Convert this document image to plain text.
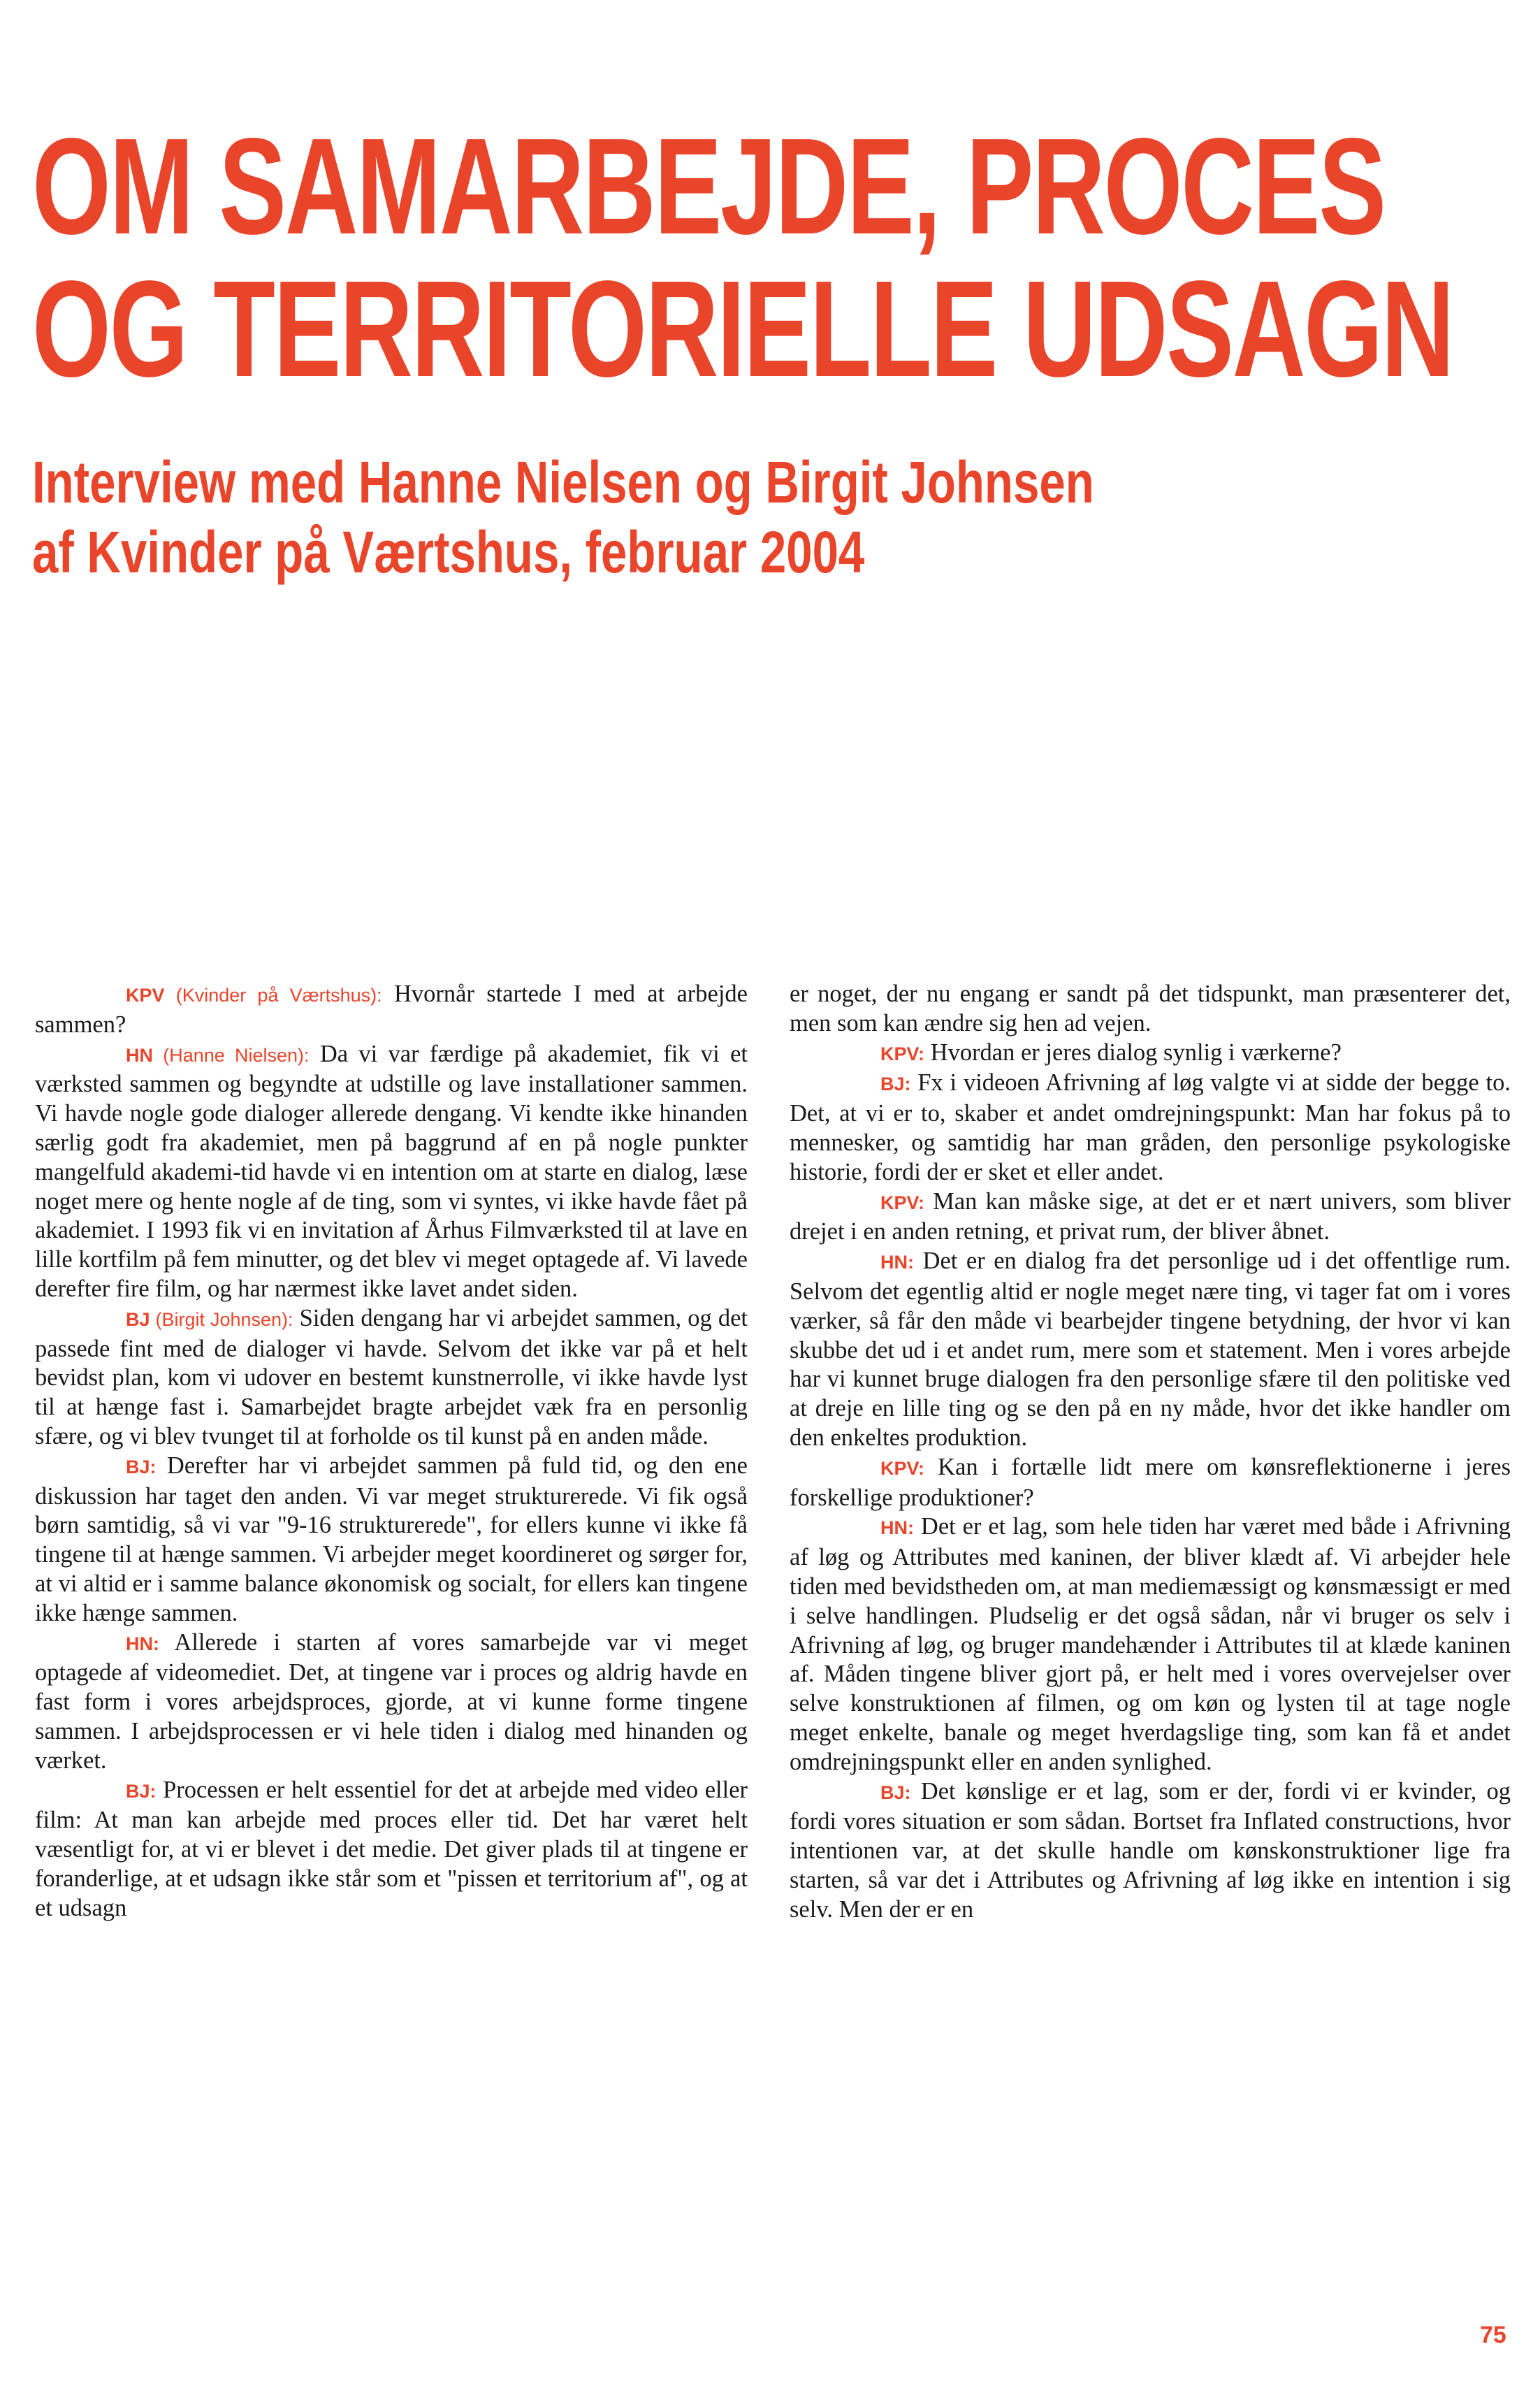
OM SAMARBEJDE, PROCES
OG TERRITORIELLE UDSAGN
Interview med Hanne Nielsen og Birgit Johnsen
af Kvinder på Værtshus, februar 2004

KPV (Kvinder på Værtshus): Hvornår startede I med at arbejde sammen?

HN (Hanne Nielsen): Da vi var færdige på akademiet, fik vi et værksted sammen og begyndte at udstille og lave installationer sammen. Vi havde nogle gode dialoger allerede dengang. Vi kendte ikke hinanden særlig godt fra akademiet, men på baggrund af en på nogle punkter mangelfuld akademi-tid havde vi en intention om at starte en dialog, læse noget mere og hente nogle af de ting, som vi syntes, vi ikke havde fået på akademiet. I 1993 fik vi en invitation af Århus Filmværksted til at lave en lille kortfilm på fem minutter, og det blev vi meget optagede af. Vi lavede derefter fire film, og har nærmest ikke lavet andet siden.

BJ (Birgit Johnsen): Siden dengang har vi arbejdet sammen, og det passede fint med de dialoger vi havde. Selvom det ikke var på et helt bevidst plan, kom vi udover en bestemt kunstnerrolle, vi ikke havde lyst til at hænge fast i. Samarbejdet bragte arbejdet væk fra en personlig sfære, og vi blev tvunget til at forholde os til kunst på en anden måde.

BJ: Derefter har vi arbejdet sammen på fuld tid, og den ene diskussion har taget den anden. Vi var meget strukturerede. Vi fik også børn samtidig, så vi var "9-16 strukturerede", for ellers kunne vi ikke få tingene til at hænge sammen. Vi arbejder meget koordineret og sørger for, at vi altid er i samme balance økonomisk og socialt, for ellers kan tingene ikke hænge sammen.

HN: Allerede i starten af vores samarbejde var vi meget optagede af videomediet. Det, at tingene var i proces og aldrig havde en fast form i vores arbejdsproces, gjorde, at vi kunne forme tingene sammen. I arbejdsprocessen er vi hele tiden i dialog med hinanden og værket.

BJ: Processen er helt essentiel for det at arbejde med video eller film: At man kan arbejde med proces eller tid. Det har været helt væsentligt for, at vi er blevet i det medie. Det giver plads til at tingene er foranderlige, at et udsagn ikke står som et "pissen et territorium af", og at et udsagn

er noget, der nu engang er sandt på det tidspunkt, man præsenterer det, men som kan ændre sig hen ad vejen.

KPV: Hvordan er jeres dialog synlig i værkerne?

BJ: Fx i videoen Afrivning af løg valgte vi at sidde der begge to. Det, at vi er to, skaber et andet omdrejningspunkt: Man har fokus på to mennesker, og samtidig har man gråden, den personlige psykologiske historie, fordi der er sket et eller andet.

KPV: Man kan måske sige, at det er et nært univers, som bliver drejet i en anden retning, et privat rum, der bliver åbnet.

HN: Det er en dialog fra det personlige ud i det offentlige rum. Selvom det egentlig altid er nogle meget nære ting, vi tager fat om i vores værker, så får den måde vi bearbejder tingene betydning, der hvor vi kan skubbe det ud i et andet rum, mere som et statement. Men i vores arbejde har vi kunnet bruge dialogen fra den personlige sfære til den politiske ved at dreje en lille ting og se den på en ny måde, hvor det ikke handler om den enkeltes produktion.

KPV: Kan i fortælle lidt mere om kønsreflektionerne i jeres forskellige produktioner?

HN: Det er et lag, som hele tiden har været med både i Afrivning af løg og Attributes med kaninen, der bliver klædt af. Vi arbejder hele tiden med bevidstheden om, at man mediemæssigt og kønsmæssigt er med i selve handlingen. Pludselig er det også sådan, når vi bruger os selv i Afrivning af løg, og bruger mandehænder i Attributes til at klæde kaninen af. Måden tingene bliver gjort på, er helt med i vores overvejelser over selve konstruktionen af filmen, og om køn og lysten til at tage nogle meget enkelte, banale og meget hverdagslige ting, som kan få et andet omdrejningspunkt eller en anden synlighed.

BJ: Det kønslige er et lag, som er der, fordi vi er kvinder, og fordi vores situation er som sådan. Bortset fra Inflated constructions, hvor intentionen var, at det skulle handle om kønskonstruktioner lige fra starten, så var det i Attributes og Afrivning af løg ikke en intention i sig selv. Men der er en

75
